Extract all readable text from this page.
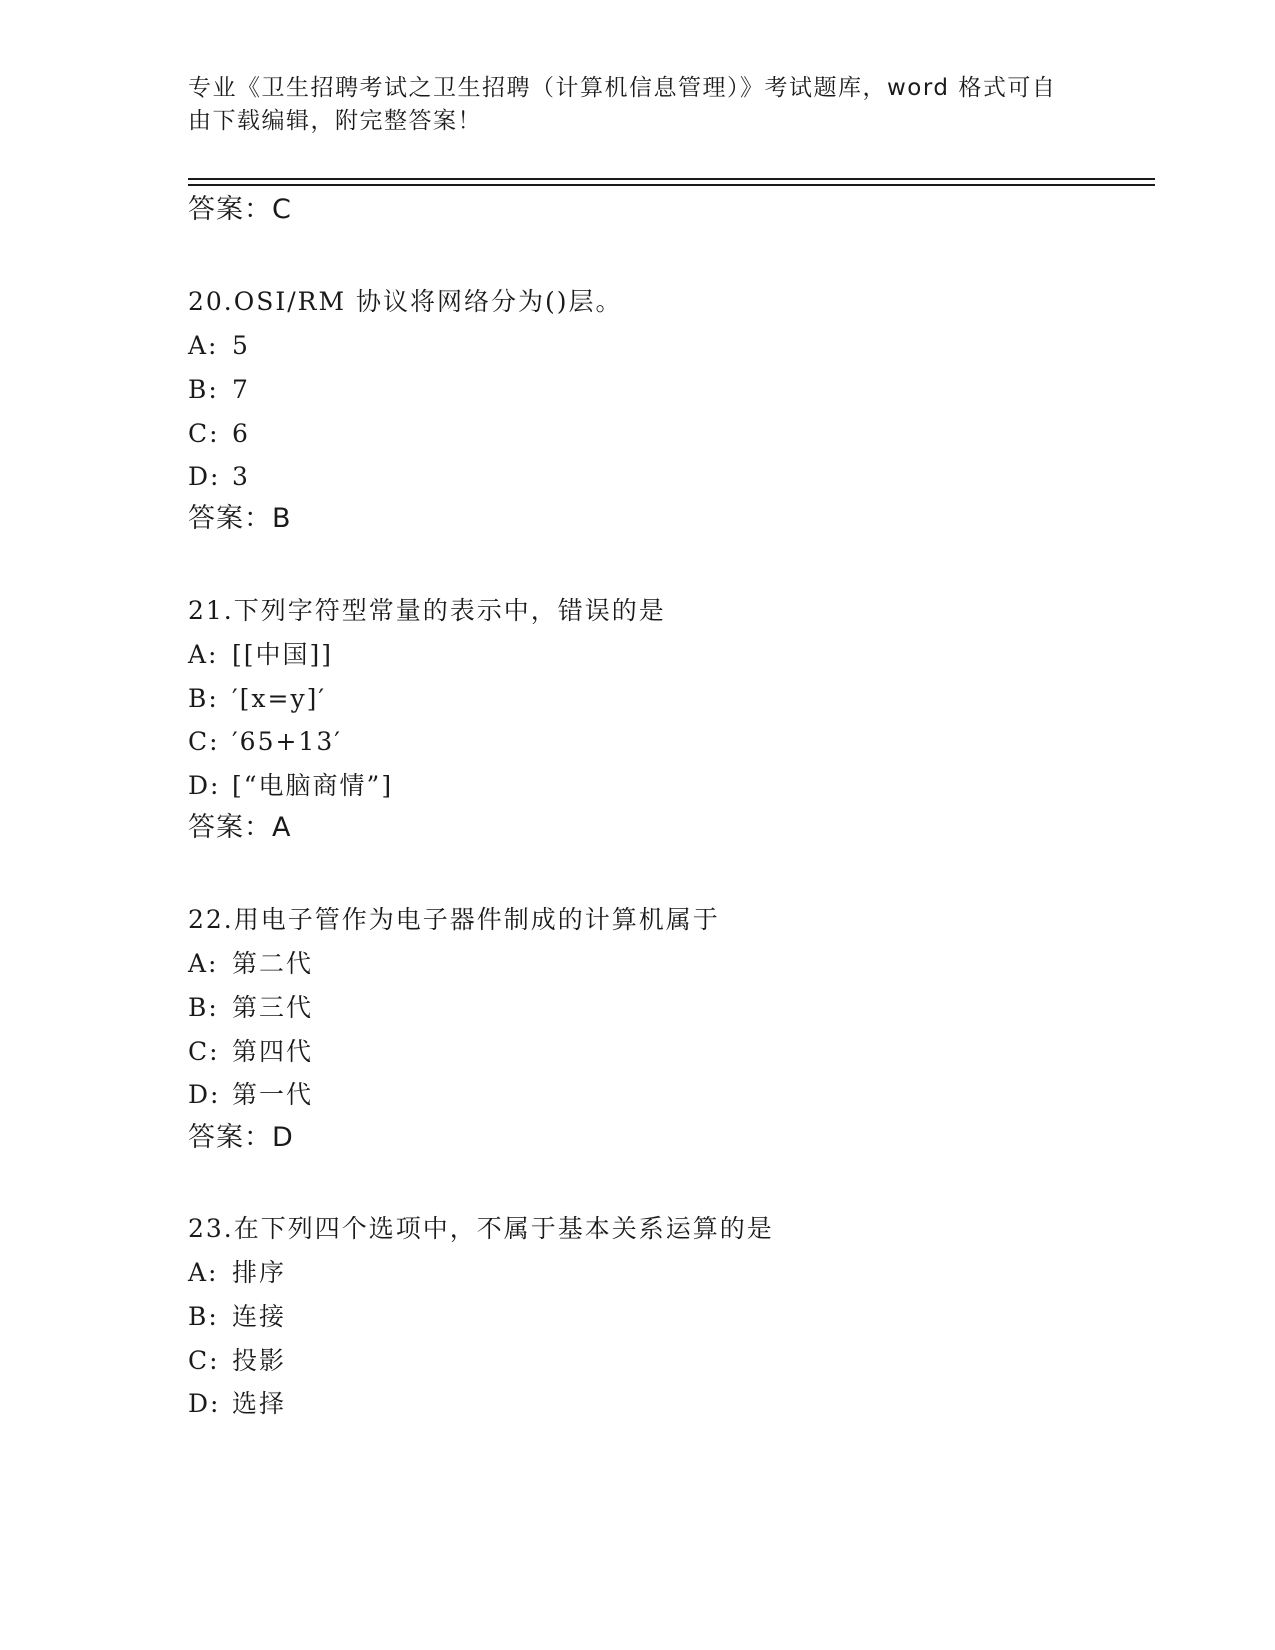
专业《卫生招聘考试之卫生招聘（计算机信息管理）》考试题库，word 格式可自
由下载编辑，附完整答案！
答案：C
20.OSI/RM 协议将网络分为()层。
A: 5
B: 7
C: 6
D: 3
答案：B
21.下列字符型常量的表示中，错误的是
A: [[中国]]
B: ′[x=y]′
C: ′65+13′
D: [“电脑商情”]
答案：A
22.用电子管作为电子器件制成的计算机属于
A: 第二代
B: 第三代
C: 第四代
D: 第一代
答案：D
23.在下列四个选项中，不属于基本关系运算的是
A: 排序
B: 连接
C: 投影
D: 选择
